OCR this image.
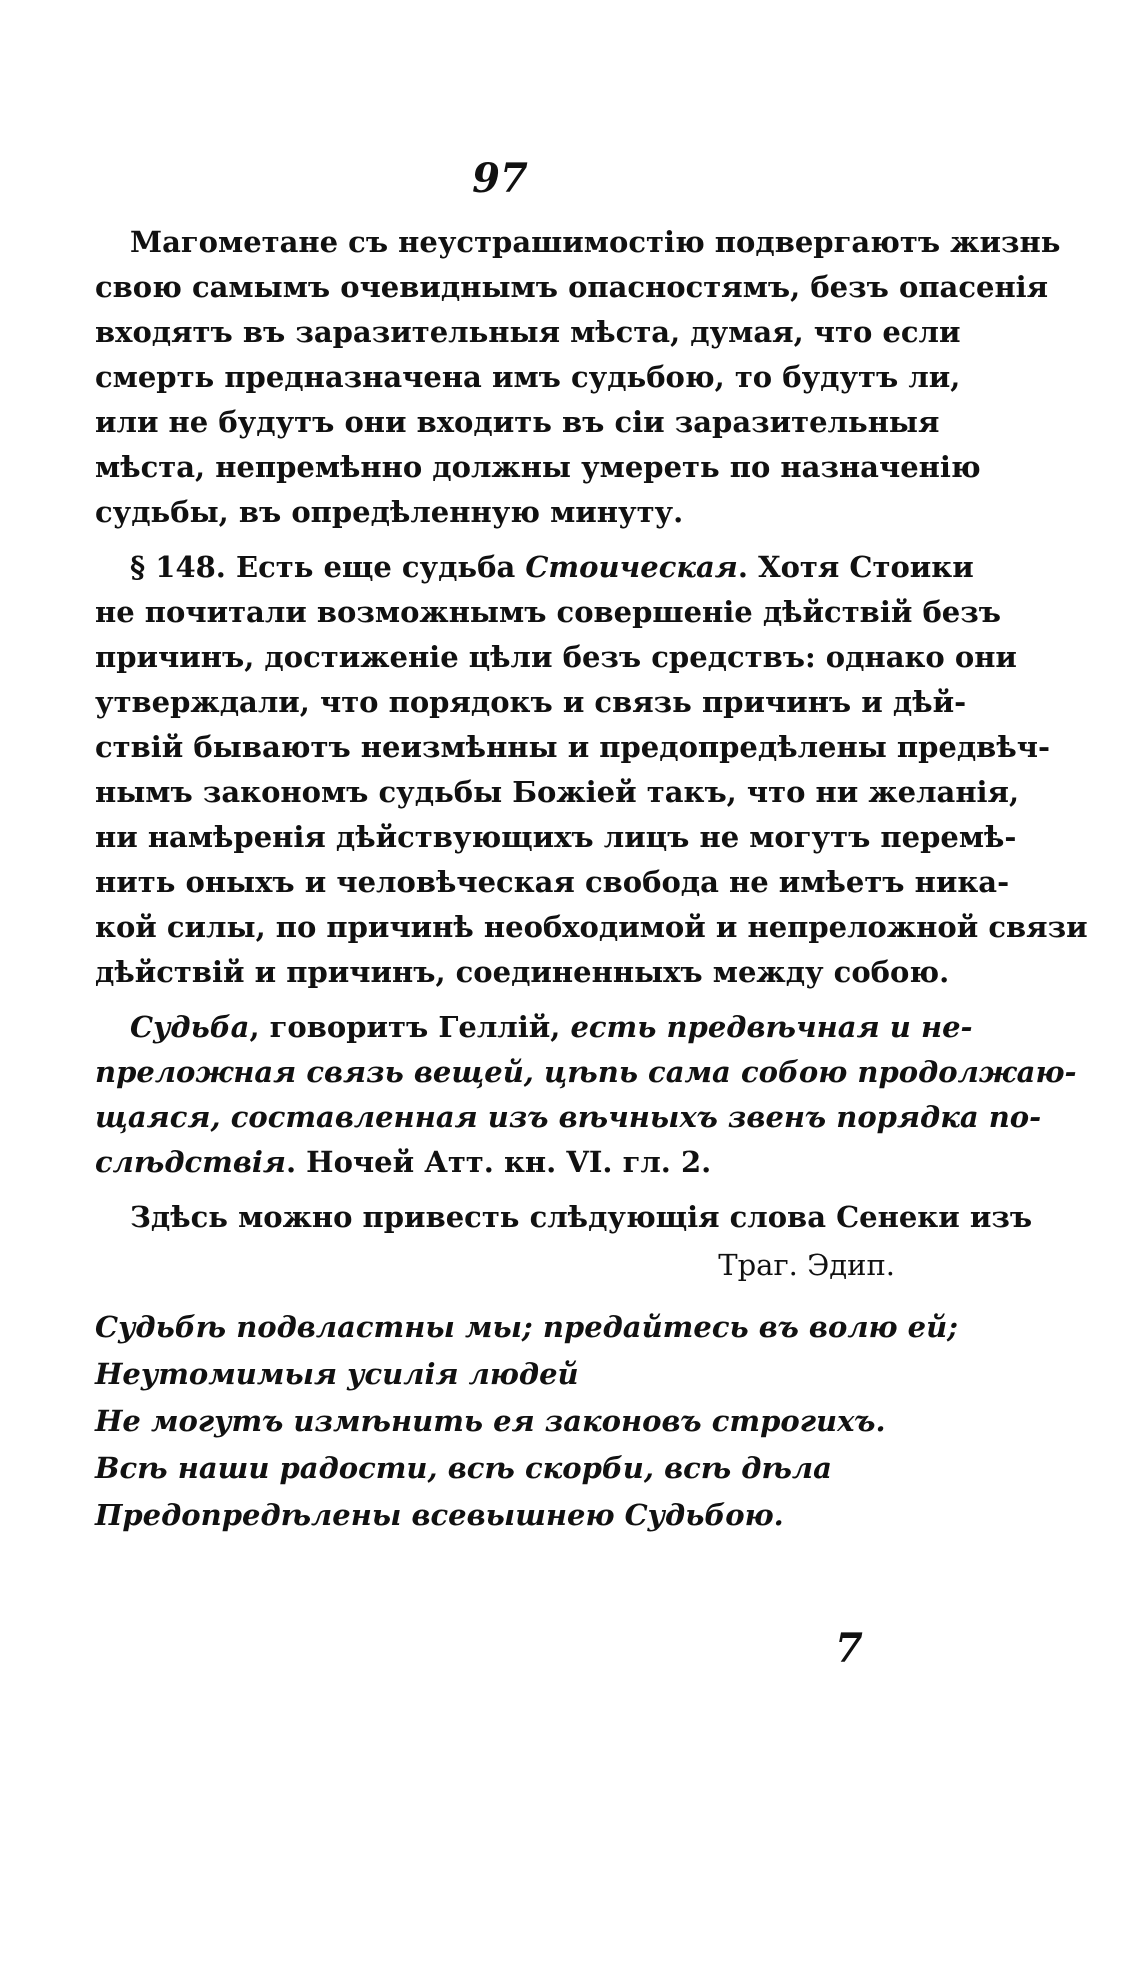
97
Магометане съ неустрашимостію подвергаютъ жизнь
свою самымъ очевиднымъ опасностямъ, безъ опасенія
входятъ въ заразительныя мѣста, думая, что если
смерть предназначена имъ судьбою, то будутъ ли,
или не будутъ они входить въ сіи заразительныя
мѣста, непремѣнно должны умереть по назначенію
судьбы, въ опредѣленную минуту.
§ 148. Есть еще судьба Стоическая. Хотя Стоики
не почитали возможнымъ совершеніе дѣйствій безъ
причинъ, достиженіе цѣли безъ средствъ: однако они
утверждали, что порядокъ и связь причинъ и дѣй-
ствій бываютъ неизмѣнны и предопредѣлены предвѣч-
нымъ закономъ судьбы Божіей такъ, что ни желанія,
ни намѣренія дѣйствующихъ лицъ не могутъ перемѣ-
нить оныхъ и человѣческая свобода не имѣетъ ника-
кой силы, по причинѣ необходимой и непреложной связи
дѣйствій и причинъ, соединенныхъ между собою.
Судьба, говоритъ Геллій, есть предвѣчная и не-
преложная связь вещей, цѣпь сама собою продолжаю-
щаяся, составленная изъ вѣчныхъ звенъ порядка по-
слѣдствія. Ночей Атт. кн. VI. гл. 2.
Здѣсь можно привесть слѣдующія слова Сенеки изъ
Траг. Эдип.
Судьбѣ подвластны мы; предайтесь въ волю ей;
Неутомимыя усилія людей
Не могутъ измѣнить ея законовъ строгихъ.
Всѣ наши радости, всѣ скорби, всѣ дѣла
Предопредѣлены всевышнею Судьбою.
7
